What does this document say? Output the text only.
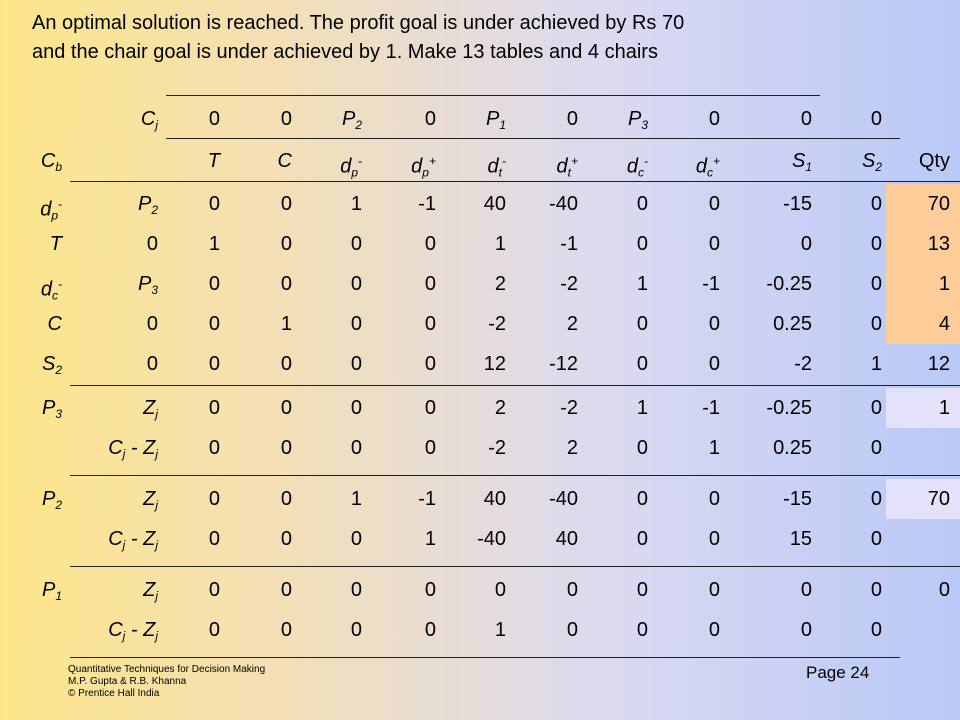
An optimal solution is reached. The profit goal is under achieved by Rs 70
and the chair goal is under achieved by 1. Make 13 tables and 4 chairs
$C_j$	0	0	$P_2$	0	$P_1$	0	$P_3$	0	0	0
$C_b$	T	C	$d_p^-$	$d_p^+$	$d_t^-$	$d_t^+$	$d_c^-$	$d_c^+$	$S_1$	$S_2$	Qty
$d_p^-$	$P_2$	0	0	1	-1	40	-40	0	0	-15	0	70
T	0	1	0	0	0	1	-1	0	0	0	0	13
$d_c^-$	$P_3$	0	0	0	0	2	-2	1	-1	-0.25	0	1
C	0	0	1	0	0	-2	2	0	0	0.25	0	4
$S_2$	0	0	0	0	0	12	-12	0	0	-2	1	12
$P_3$	$Z_j$	0	0	0	0	2	-2	1	-1	-0.25	0	1
$C_j - Z_j$	0	0	0	0	-2	2	0	1	0.25	0
$P_2$	$Z_j$	0	0	1	-1	40	-40	0	0	-15	0	70
$C_j - Z_j$	0	0	0	1	-40	40	0	0	15	0
$P_1$	$Z_j$	0	0	0	0	0	0	0	0	0	0	0
$C_j - Z_j$	0	0	0	0	1	0	0	0	0	0
Quantitative Techniques for Decision Making
M.P. Gupta & R.B. Khanna
© Prentice Hall India
Page 24
